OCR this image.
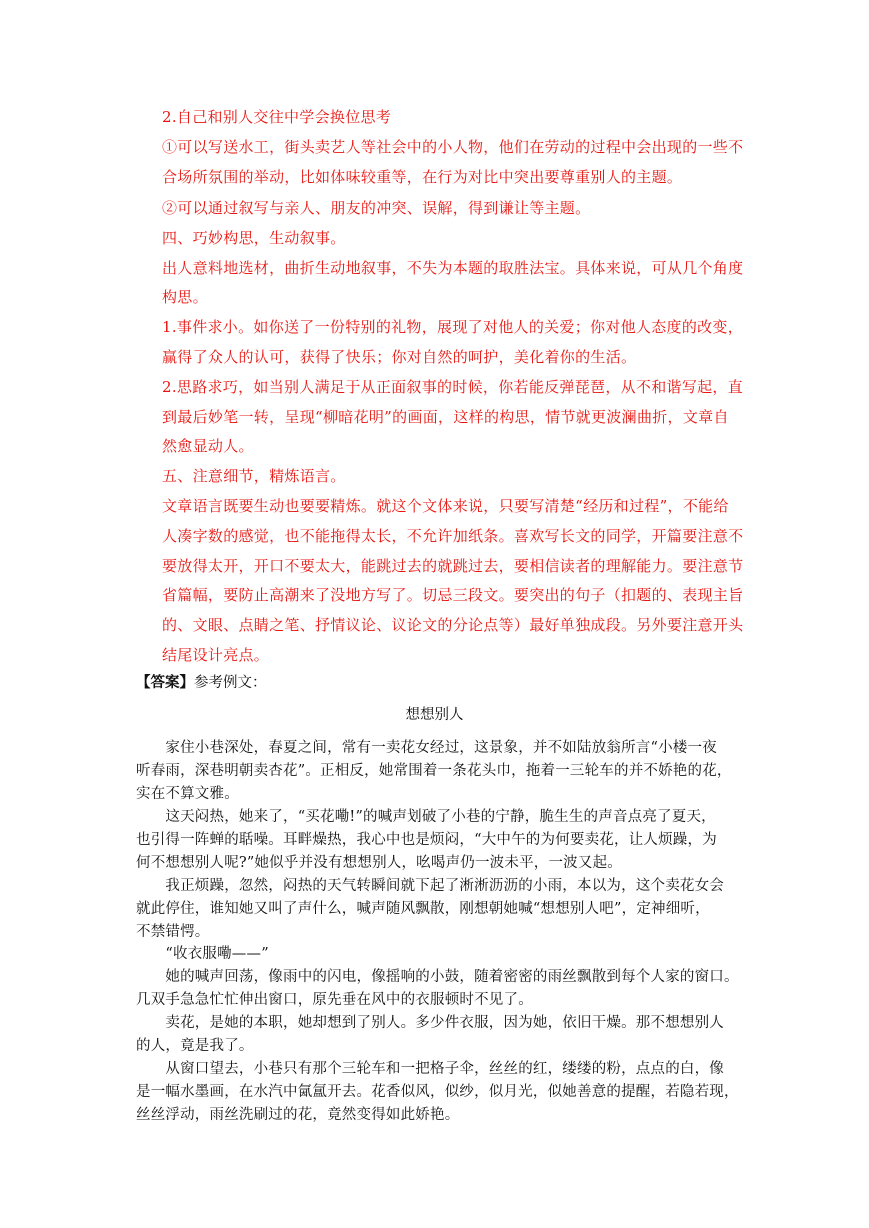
2.自己和别人交往中学会换位思考
①可以写送水工，街头卖艺人等社会中的小人物，他们在劳动的过程中会出现的一些不
合场所氛围的举动，比如体味较重等，在行为对比中突出要尊重别人的主题。
②可以通过叙写与亲人、朋友的冲突、误解，得到谦让等主题。
四、巧妙构思，生动叙事。
出人意料地选材，曲折生动地叙事，不失为本题的取胜法宝。具体来说，可从几个角度
构思。
1.事件求小。如你送了一份特别的礼物，展现了对他人的关爱；你对他人态度的改变，
赢得了众人的认可，获得了快乐；你对自然的呵护，美化着你的生活。
2.思路求巧，如当别人满足于从正面叙事的时候，你若能反弹琵琶，从不和谐写起，直
到最后妙笔一转，呈现“柳暗花明”的画面，这样的构思，情节就更波澜曲折，文章自
然愈显动人。
五、注意细节，精炼语言。
文章语言既要生动也要要精炼。就这个文体来说，只要写清楚“经历和过程”，不能给
人凑字数的感觉，也不能拖得太长，不允许加纸条。喜欢写长文的同学，开篇要注意不
要放得太开，开口不要太大，能跳过去的就跳过去，要相信读者的理解能力。要注意节
省篇幅，要防止高潮来了没地方写了。切忌三段文。要突出的句子（扣题的、表现主旨
的、文眼、点睛之笔、抒情议论、议论文的分论点等）最好单独成段。另外要注意开头
结尾设计亮点。
【答案】参考例文：
想想别人
　　家住小巷深处，春夏之间，常有一卖花女经过，这景象，并不如陆放翁所言“小楼一夜
听春雨，深巷明朝卖杏花”。正相反，她常围着一条花头巾，拖着一三轮车的并不娇艳的花，
实在不算文雅。
　　这天闷热，她来了，“买花嘞!”的喊声划破了小巷的宁静，脆生生的声音点亮了夏天，
也引得一阵蝉的聒噪。耳畔燥热，我心中也是烦闷，“大中午的为何要卖花，让人烦躁，为
何不想想别人呢?”她似乎并没有想想别人，吆喝声仍一波未平，一波又起。
　　我正烦躁，忽然，闷热的天气转瞬间就下起了淅淅沥沥的小雨，本以为，这个卖花女会
就此停住，谁知她又叫了声什么，喊声随风飘散，刚想朝她喊“想想别人吧”，定神细听，
不禁错愕。
　　“收衣服嘞——”
　　她的喊声回荡，像雨中的闪电，像摇响的小鼓，随着密密的雨丝飘散到每个人家的窗口。
几双手急急忙忙伸出窗口，原先垂在风中的衣服顿时不见了。
　　卖花，是她的本职，她却想到了别人。多少件衣服，因为她，依旧干燥。那不想想别人
的人，竟是我了。
　　从窗口望去，小巷只有那个三轮车和一把格子伞，丝丝的红，缕缕的粉，点点的白，像
是一幅水墨画，在水汽中氤氲开去。花香似风，似纱，似月光，似她善意的提醒，若隐若现，
丝丝浮动，雨丝洗刷过的花，竟然变得如此娇艳。
